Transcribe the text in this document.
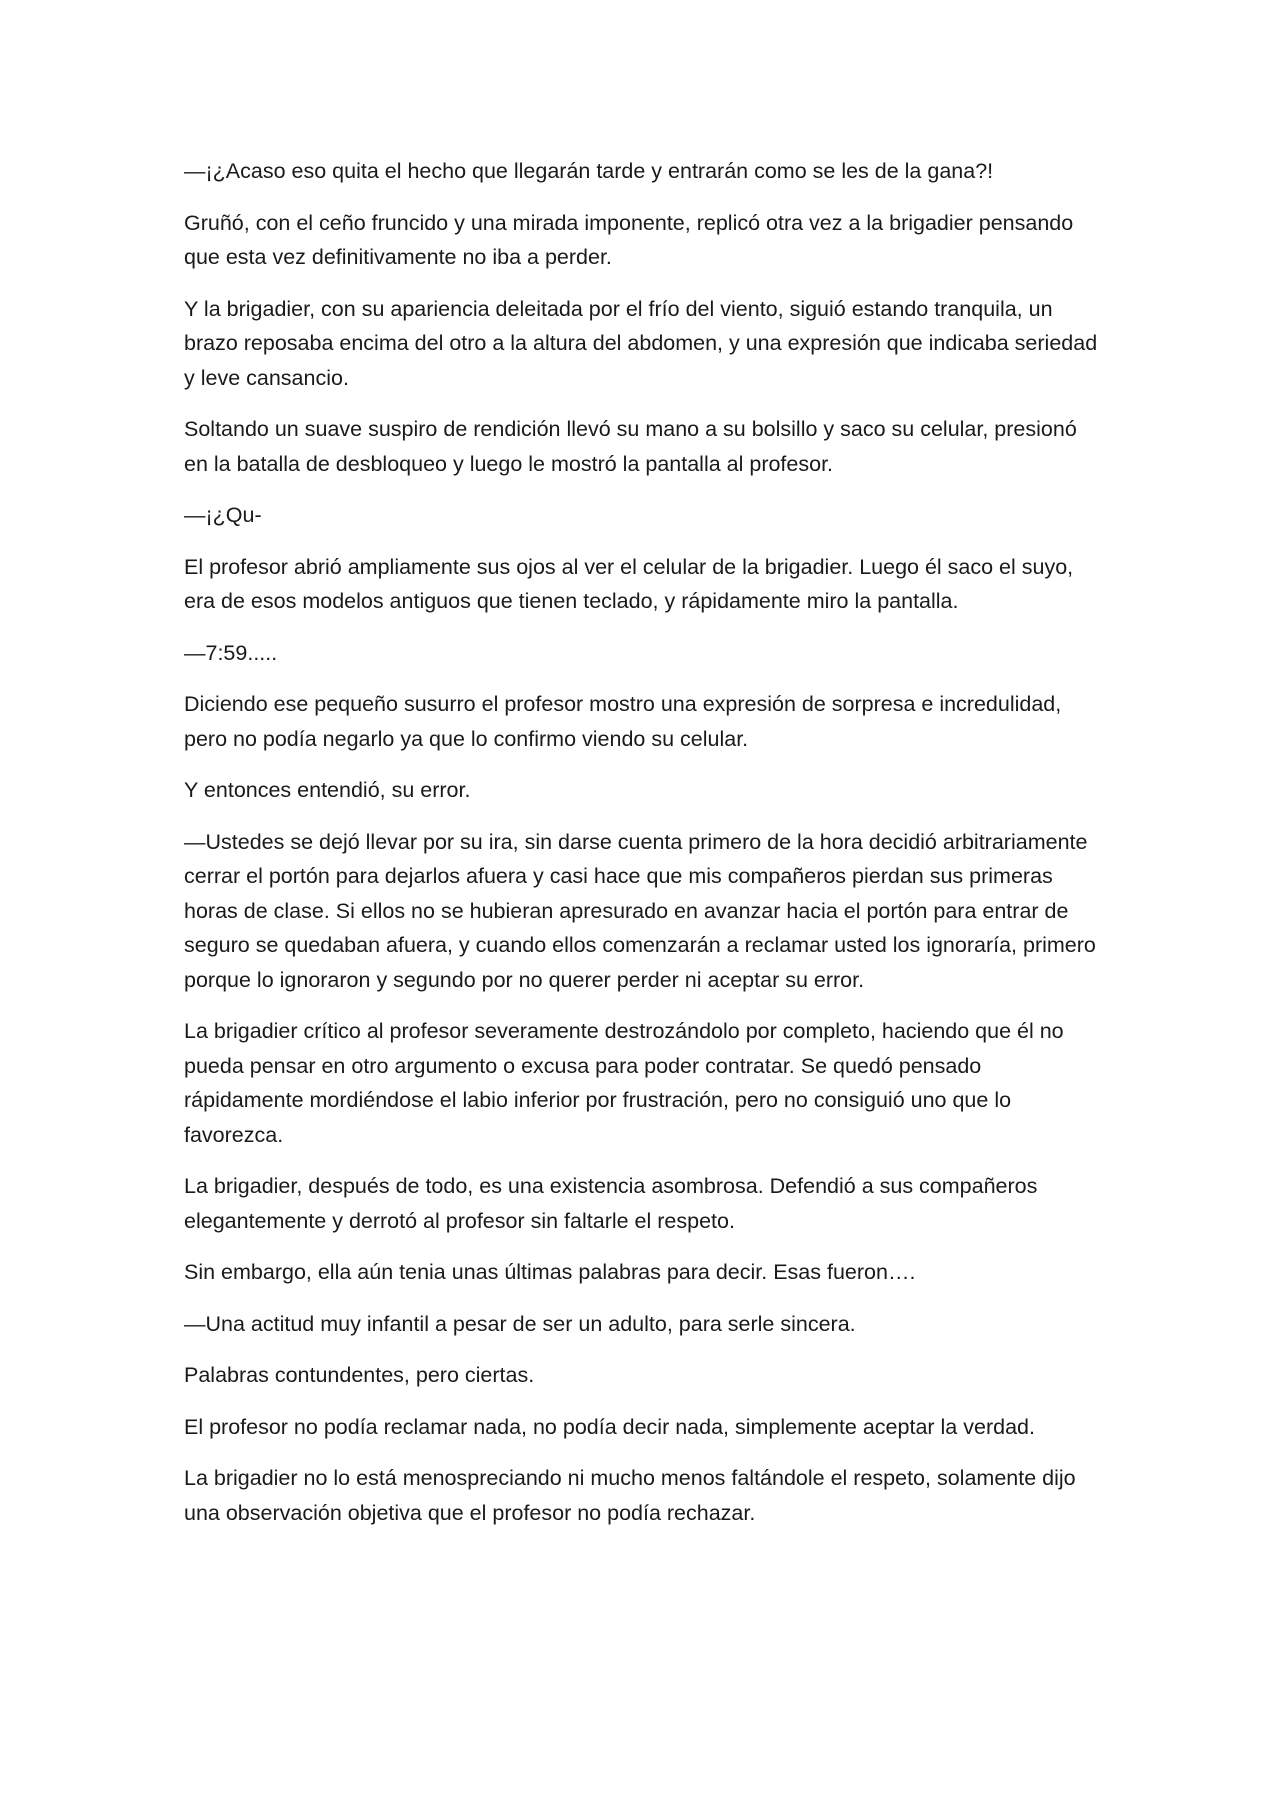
—¡¿Acaso eso quita el hecho que llegarán tarde y entrarán como se les de la gana?!

Gruñó, con el ceño fruncido y una mirada imponente, replicó otra vez a la brigadier pensando que esta vez definitivamente no iba a perder.

Y la brigadier, con su apariencia deleitada por el frío del viento, siguió estando tranquila, un brazo reposaba encima del otro a la altura del abdomen, y una expresión que indicaba seriedad y leve cansancio.

Soltando un suave suspiro de rendición llevó su mano a su bolsillo y saco su celular, presionó en la batalla de desbloqueo y luego le mostró la pantalla al profesor.

—¡¿Qu-

El profesor abrió ampliamente sus ojos al ver el celular de la brigadier. Luego él saco el suyo, era de esos modelos antiguos que tienen teclado, y rápidamente miro la pantalla.

—7:59.....

Diciendo ese pequeño susurro el profesor mostro una expresión de sorpresa e incredulidad, pero no podía negarlo ya que lo confirmo viendo su celular.

Y entonces entendió, su error.

—Ustedes se dejó llevar por su ira, sin darse cuenta primero de la hora decidió arbitrariamente cerrar el portón para dejarlos afuera y casi hace que mis compañeros pierdan sus primeras horas de clase. Si ellos no se hubieran apresurado en avanzar hacia el portón para entrar de seguro se quedaban afuera, y cuando ellos comenzarán a reclamar usted los ignoraría, primero porque lo ignoraron y segundo por no querer perder ni aceptar su error.

La brigadier crítico al profesor severamente destrozándolo por completo, haciendo que él no pueda pensar en otro argumento o excusa para poder contratar. Se quedó pensado rápidamente mordiéndose el labio inferior por frustración, pero no consiguió uno que lo favorezca.

La brigadier, después de todo, es una existencia asombrosa. Defendió a sus compañeros elegantemente y derrotó al profesor sin faltarle el respeto.

Sin embargo, ella aún tenia unas últimas palabras para decir. Esas fueron….

—Una actitud muy infantil a pesar de ser un adulto, para serle sincera.

Palabras contundentes, pero ciertas.

El profesor no podía reclamar nada, no podía decir nada, simplemente aceptar la verdad.

La brigadier no lo está menospreciando ni mucho menos faltándole el respeto, solamente dijo una observación objetiva que el profesor no podía rechazar.
